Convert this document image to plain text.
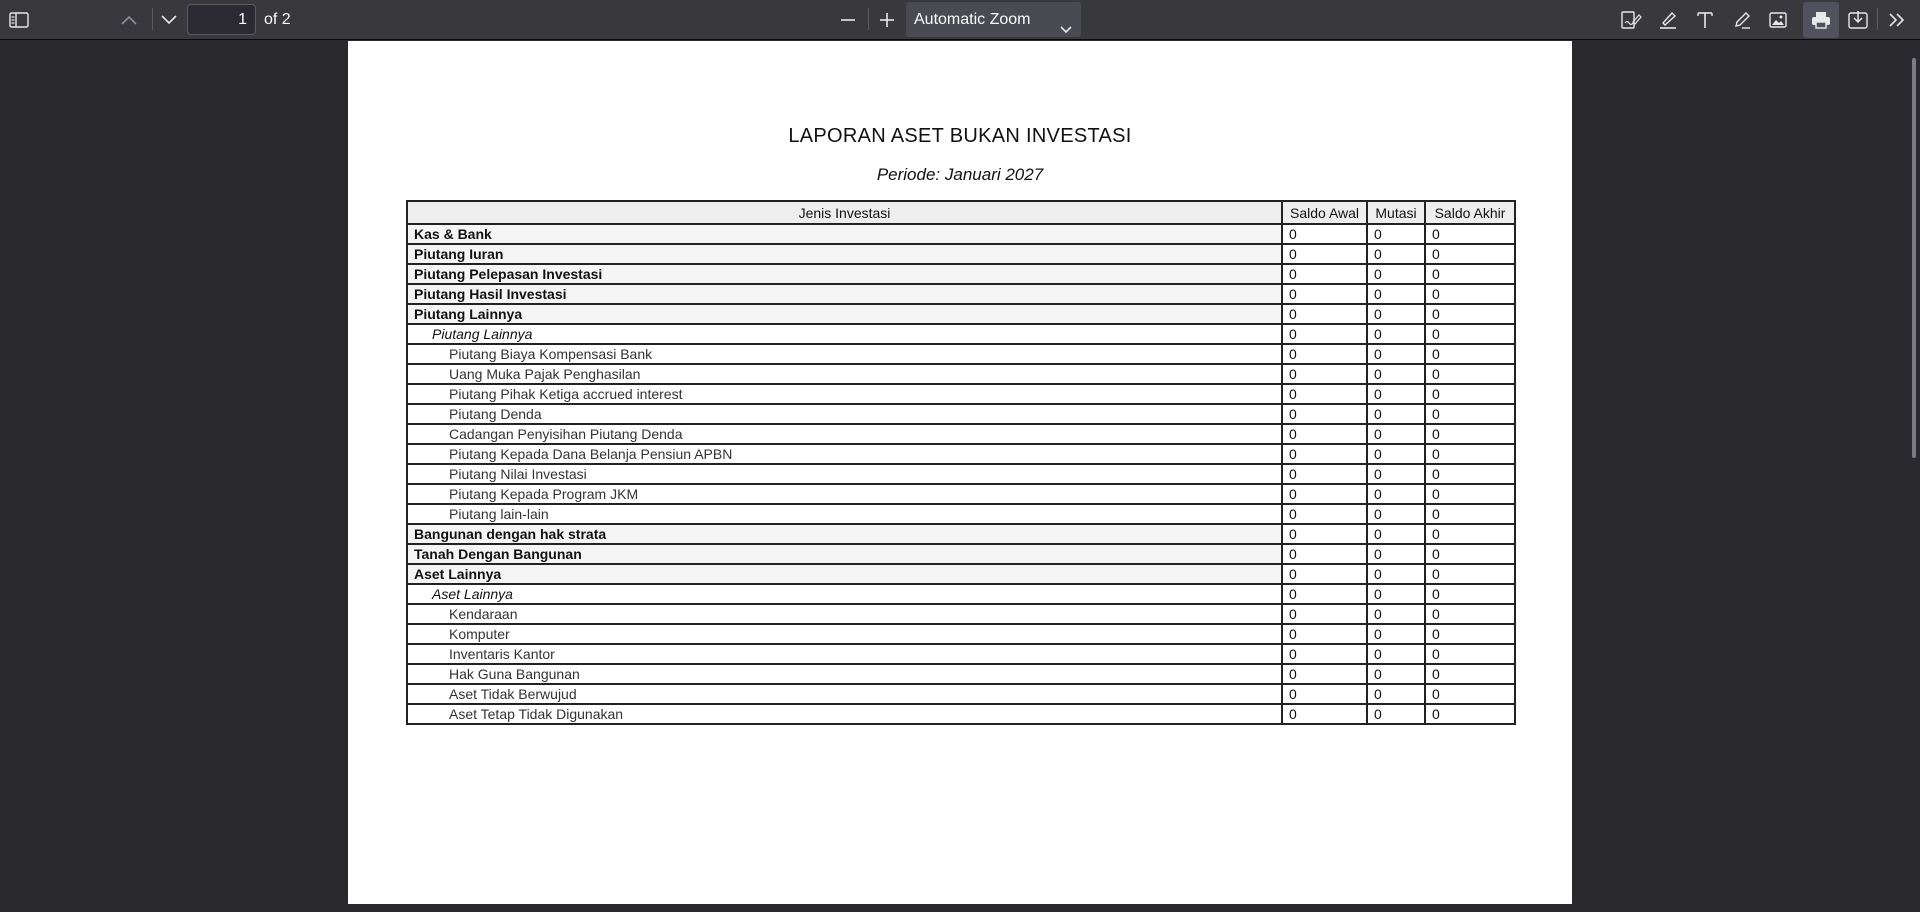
1
of 2	Automatic Zoom
LAPORAN ASET BUKAN INVESTASI
Periode: Januari 2027
Jenis Investasi	Saldo Awal	Mutasi	Saldo Akhir
Kas & Bank	0	0	0
Piutang Iuran	0	0	0
Piutang Pelepasan Investasi	0	0	0
Piutang Hasil Investasi	0	0	0
Piutang Lainnya	0	0	0
Piutang Lainnya	0	0	0
Piutang Biaya Kompensasi Bank	0	0	0
Uang Muka Pajak Penghasilan	0	0	0
Piutang Pihak Ketiga accrued interest	0	0	0
Piutang Denda	0	0	0
Cadangan Penyisihan Piutang Denda	0	0	0
Piutang Kepada Dana Belanja Pensiun APBN	0	0	0
Piutang Nilai Investasi	0	0	0
Piutang Kepada Program JKM	0	0	0
Piutang lain-lain	0	0	0
Bangunan dengan hak strata	0	0	0
Tanah Dengan Bangunan	0	0	0
Aset Lainnya	0	0	0
Aset Lainnya	0	0	0
Kendaraan	0	0	0
Komputer	0	0	0
Inventaris Kantor	0	0	0
Hak Guna Bangunan	0	0	0
Aset Tidak Berwujud	0	0	0
Aset Tetap Tidak Digunakan	0	0	0
